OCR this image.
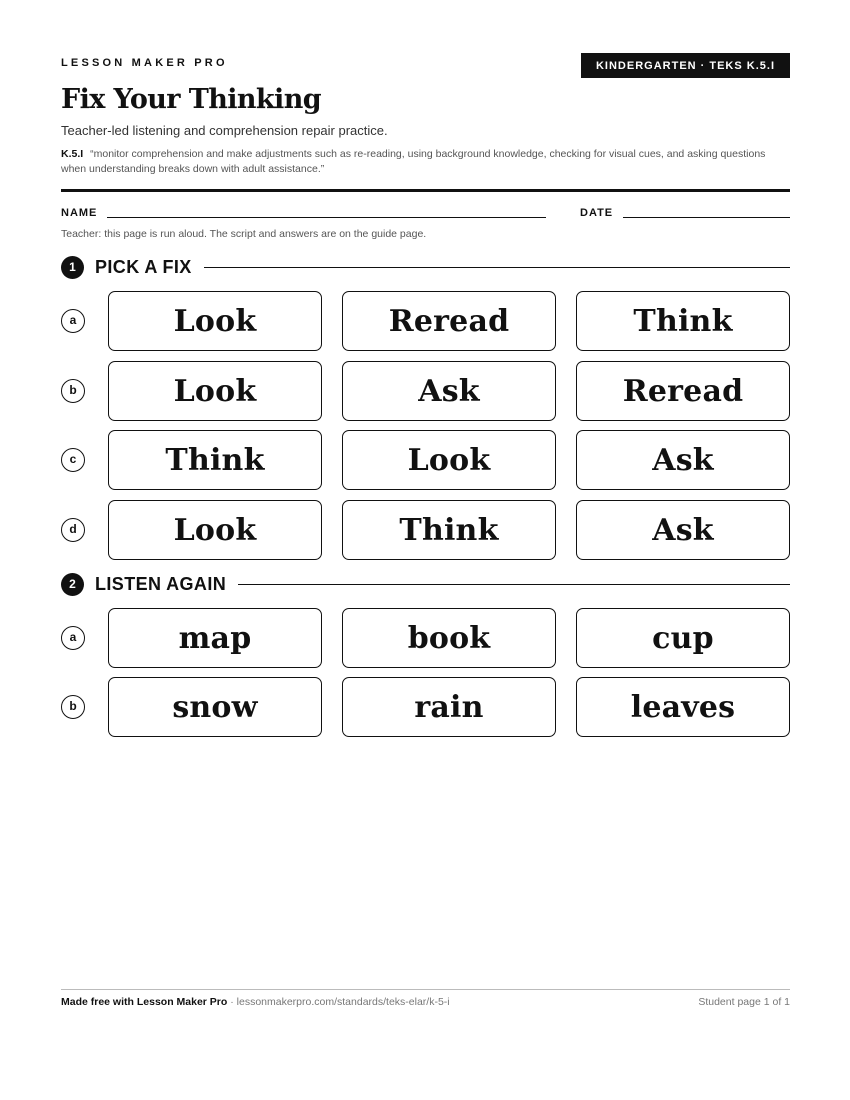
LESSON MAKER PRO	KINDERGARTEN · TEKS K.5.I
Fix Your Thinking
Teacher-led listening and comprehension repair practice.
K.5.I “monitor comprehension and make adjustments such as re-reading, using background knowledge, checking for visual cues, and asking questions when understanding breaks down with adult assistance.”
NAME	DATE
Teacher: this page is run aloud. The script and answers are on the guide page.
1	PICK A FIX
a	Look	Reread	Think
b	Look	Ask	Reread
c	Think	Look	Ask
d	Look	Think	Ask
2	LISTEN AGAIN
a	map	book	cup
b	snow	rain	leaves
Made free with Lesson Maker Pro · lessonmakerpro.com/standards/teks-elar/k-5-i	Student page 1 of 1
